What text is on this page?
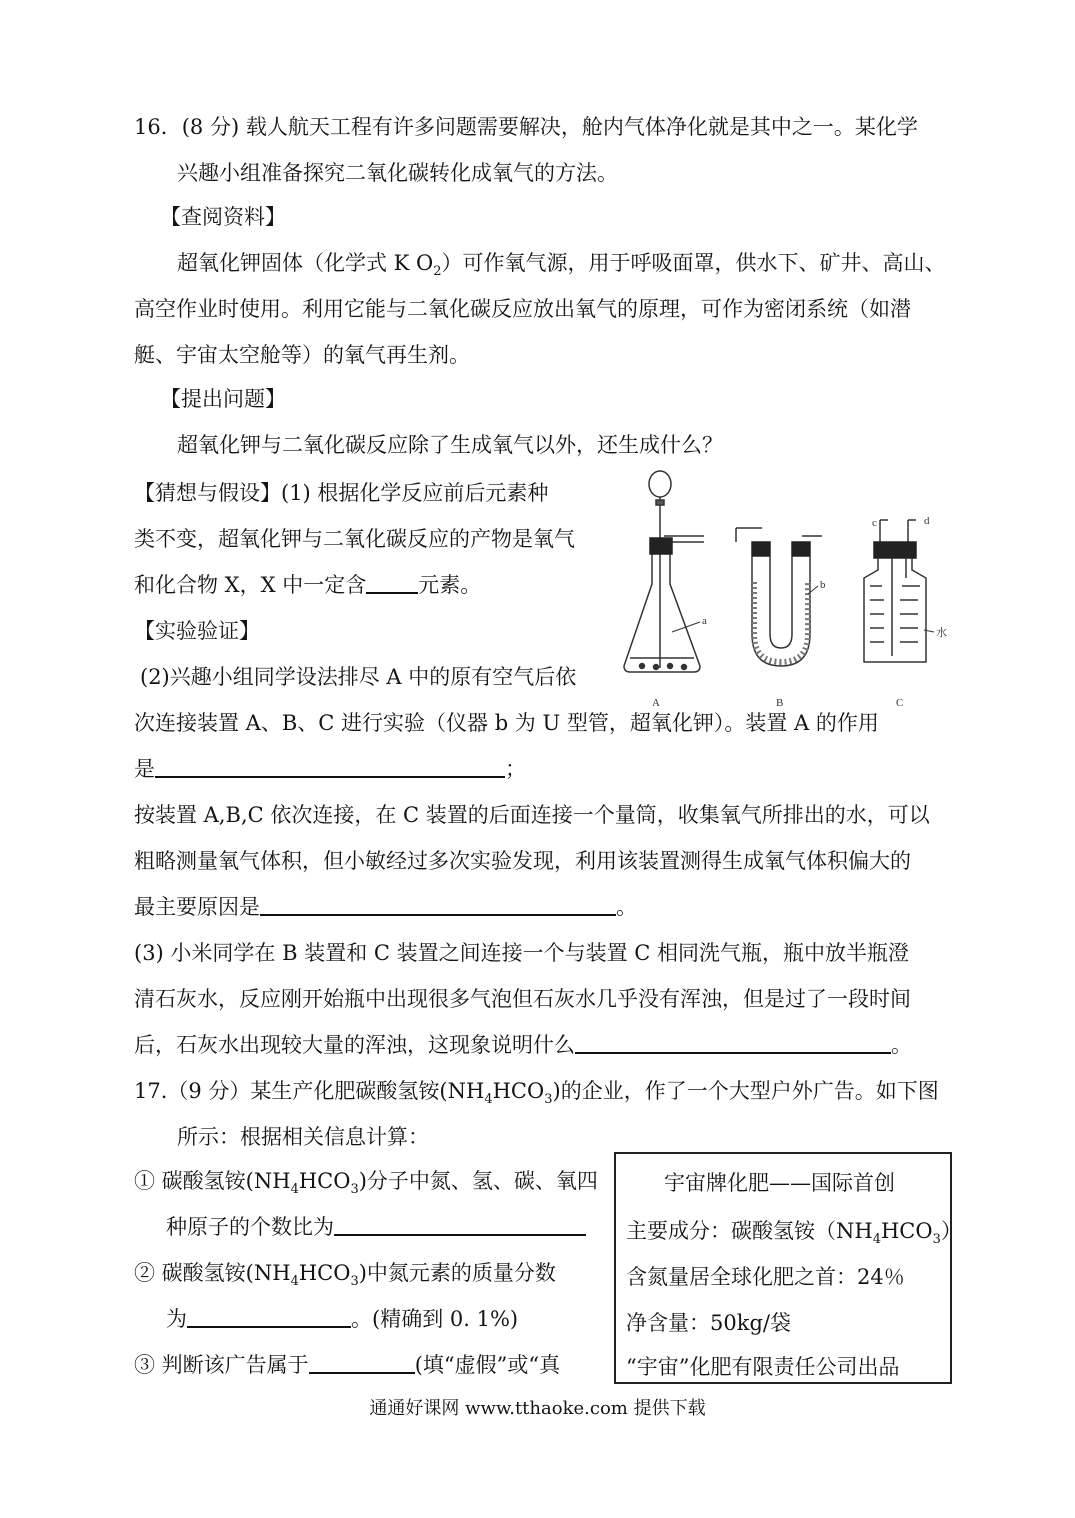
16．(8 分) 载人航天工程有许多问题需要解决，舱内气体净化就是其中之一。某化学
兴趣小组准备探究二氧化碳转化成氧气的方法。
【查阅资料】
超氧化钾固体（化学式 K $O_2$）可作氧气源，用于呼吸面罩，供水下、矿井、高山、
高空作业时使用。利用它能与二氧化碳反应放出氧气的原理，可作为密闭系统（如潜
艇、宇宙太空舱等）的氧气再生剂。
【提出问题】
超氧化钾与二氧化碳反应除了生成氧气以外，还生成什么？
【猜想与假设】(1) 根据化学反应前后元素种
类不变，超氧化钾与二氧化碳反应的产物是氧气
和化合物 X，X 中一定含 元素。
【实验验证】
(2)兴趣小组同学设法排尽 A 中的原有空气后依
次连接装置 A、B、C 进行实验（仪器 b 为 U 型管，超氧化钾）。装置 A 的作用
是	；
按装置 A,B,C 依次连接，在 C 装置的后面连接一个量筒，收集氧气所排出的水，可以
粗略测量氧气体积，但小敏经过多次实验发现，利用该装置测得生成氧气体积偏大的
最主要原因是	。
(3) 小米同学在 B 装置和 C 装置之间连接一个与装置 C 相同洗气瓶，瓶中放半瓶澄
清石灰水，反应刚开始瓶中出现很多气泡但石灰水几乎没有浑浊，但是过了一段时间
后，石灰水出现较大量的浑浊，这现象说明什么	。
A	B	C
a
b
c	d
水
17.（9 分）某生产化肥碳酸氢铵$(NH_4HCO_3)$的企业，作了一个大型户外广告。如下图
所示：根据相关信息计算：
① 碳酸氢铵$(NH_4HCO_3)$分子中氮、氢、碳、氧四
种原子的个数比为
② 碳酸氢铵$(NH_4HCO_3)$中氮元素的质量分数
为	。(精确到 0. 1%)
③ 判断该广告属于	(填“虚假”或“真
宇宙牌化肥——国际首创
主要成分：碳酸氢铵$(NH_4HCO_3)$
含氮量居全球化肥之首：24％
净含量：50kg/袋
“宇宙”化肥有限责任公司出品
通通好课网 www.tthaoke.com 提供下载
